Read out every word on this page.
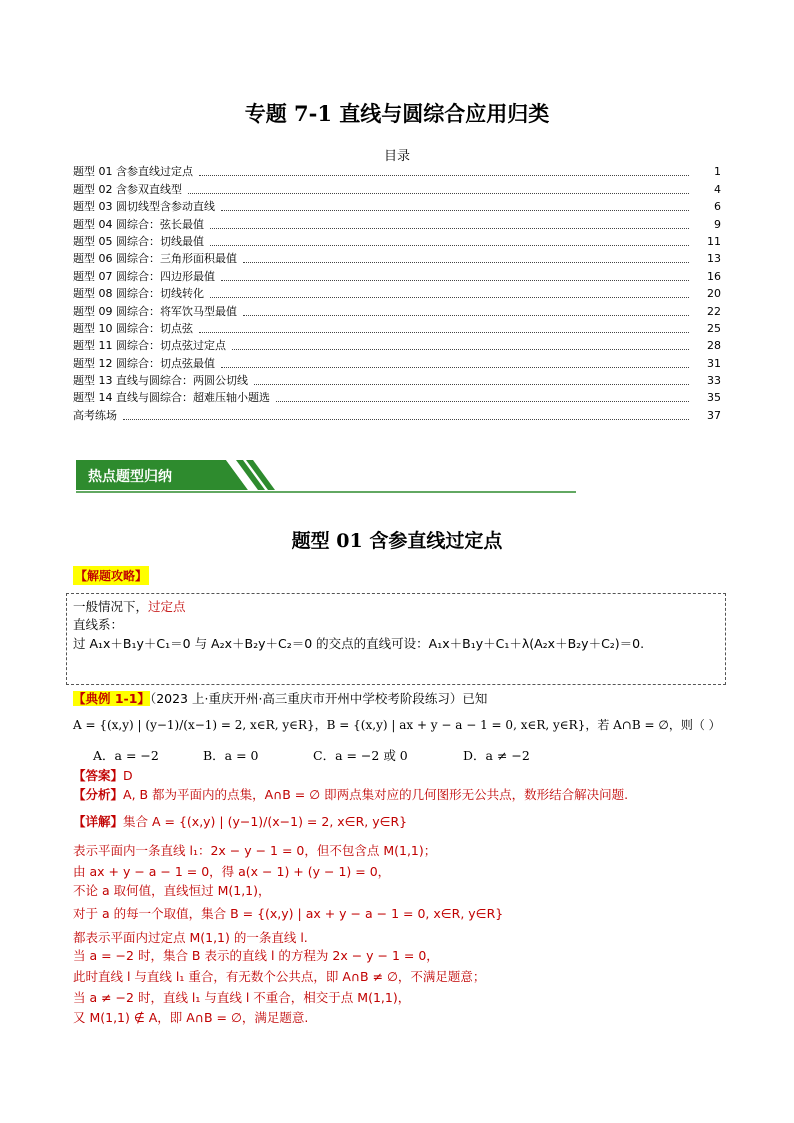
专题 7-1 直线与圆综合应用归类
目录
题型 01 含参直线过定点	1
题型 02 含参双直线型	4
题型 03 圆切线型含参动直线	6
题型 04 圆综合：弦长最值	9
题型 05 圆综合：切线最值	11
题型 06 圆综合：三角形面积最值	13
题型 07 圆综合：四边形最值	16
题型 08 圆综合：切线转化	20
题型 09 圆综合：将军饮马型最值	22
题型 10 圆综合：切点弦	25
题型 11 圆综合：切点弦过定点	28
题型 12 圆综合：切点弦最值	31
题型 13 直线与圆综合：两圆公切线	33
题型 14 直线与圆综合：超难压轴小题选	35
高考练场	37
热点题型归纳
题型 01 含参直线过定点
【解题攻略】
一般情况下，过定点
直线系：
过 A₁x＋B₁y＋C₁＝0 与 A₂x＋B₂y＋C₂＝0 的交点的直线可设：A₁x＋B₁y＋C₁＋λ(A₂x＋B₂y＋C₂)＝0.
【典例 1-1】（2023 上·重庆开州·高三重庆市开州中学校考阶段练习）已知
A = {(x,y) | (y−1)/(x−1) = 2, x∈R, y∈R}，B = {(x,y) | ax + y − a − 1 = 0, x∈R, y∈R}，若 A∩B = ∅，则（ ）
A．a = −2	B．a = 0	C．a = −2 或 0	D．a ≠ −2
【答案】D
【分析】A, B 都为平面内的点集，A∩B = ∅ 即两点集对应的几何图形无公共点，数形结合解决问题.
【详解】集合 A = {(x,y) | (y−1)/(x−1) = 2, x∈R, y∈R}
表示平面内一条直线 l₁：2x − y − 1 = 0，但不包含点 M(1,1)；
由 ax + y − a − 1 = 0，得 a(x − 1) + (y − 1) = 0，
不论 a 取何值，直线恒过 M(1,1)，
对于 a 的每一个取值，集合 B = {(x,y) | ax + y − a − 1 = 0, x∈R, y∈R}
都表示平面内过定点 M(1,1) 的一条直线 l.
当 a = −2 时，集合 B 表示的直线 l 的方程为 2x − y − 1 = 0，
此时直线 l 与直线 l₁ 重合，有无数个公共点，即 A∩B ≠ ∅，不满足题意；
当 a ≠ −2 时，直线 l₁ 与直线 l 不重合，相交于点 M(1,1)，
又 M(1,1) ∉ A，即 A∩B = ∅，满足题意.
